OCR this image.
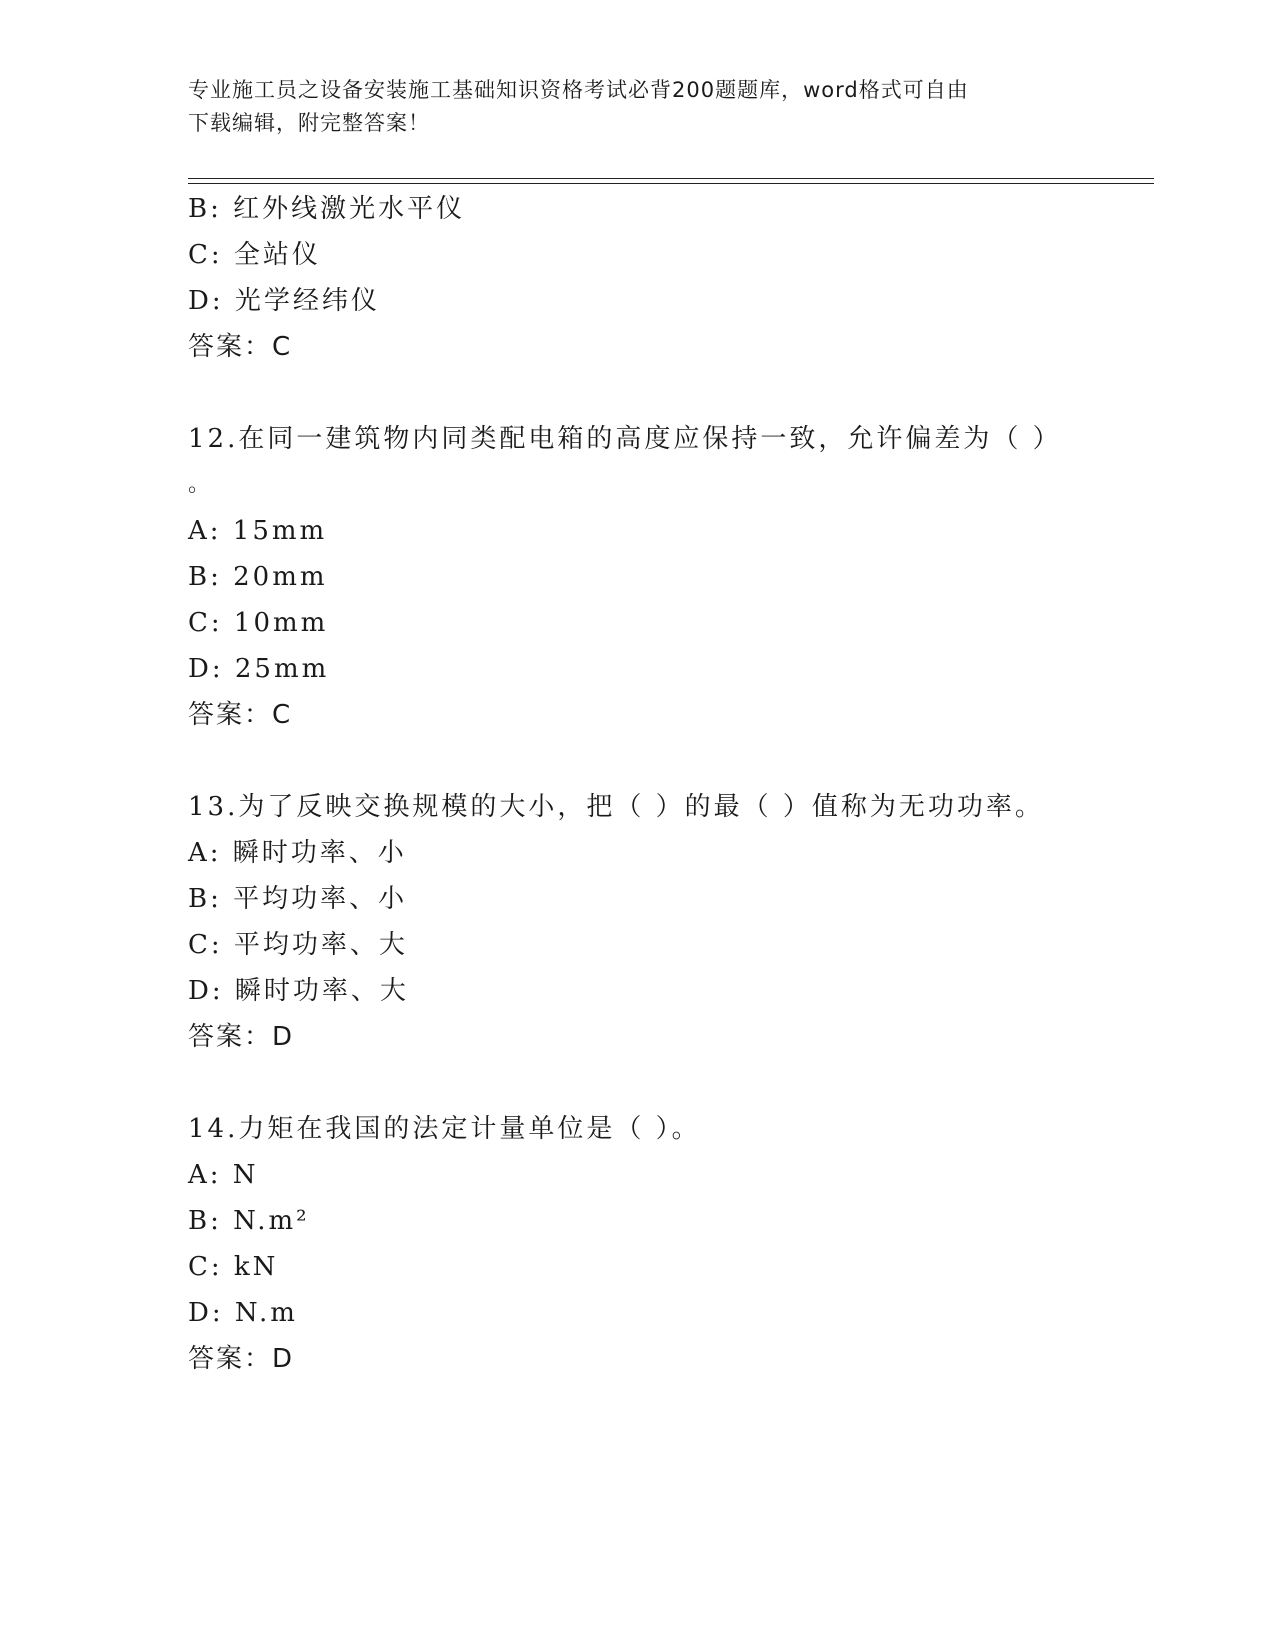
专业施工员之设备安装施工基础知识资格考试必背200题题库，word格式可自由
下载编辑，附完整答案！
B: 红外线激光水平仪
C: 全站仪
D: 光学经纬仪
答案：C
12.在同一建筑物内同类配电箱的高度应保持一致，允许偏差为（ ）
。
A: 15mm
B: 20mm
C: 10mm
D: 25mm
答案：C
13.为了反映交换规模的大小，把（ ）的最（ ）值称为无功功率。
A: 瞬时功率、小
B: 平均功率、小
C: 平均功率、大
D: 瞬时功率、大
答案：D
14.力矩在我国的法定计量单位是（ ）。
A: N
B: N.m²
C: kN
D: N.m
答案：D
